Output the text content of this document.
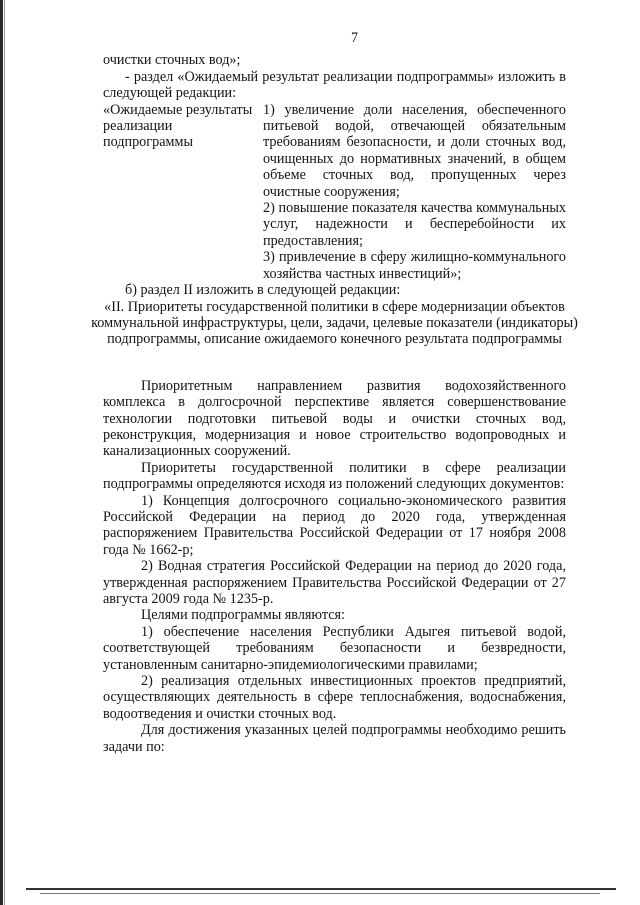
7

очистки сточных вод»;

- раздел «Ожидаемый результат реализации подпрограммы» изложить в следующей редакции:

«Ожидаемые результаты реализации подпрограммы

1) увеличение доли населения, обеспеченного питьевой водой, отвечающей обязательным требованиям безопасности, и доли сточных вод, очищенных до нормативных значений, в общем объеме сточных вод, пропущенных через очистные сооружения;

2) повышение показателя качества коммунальных услуг, надежности и бесперебойности их предоставления;

3) привлечение в сферу жилищно-коммунального хозяйства частных инвестиций»;

б) раздел II изложить в следующей редакции:

«II. Приоритеты государственной политики в сфере модернизации объектов коммунальной инфраструктуры, цели, задачи, целевые показатели (индикаторы) подпрограммы, описание ожидаемого конечного результата подпрограммы

Приоритетным направлением развития водохозяйственного комплекса в долгосрочной перспективе является совершенствование технологии подготовки питьевой воды и очистки сточных вод, реконструкция, модернизация и новое строительство водопроводных и канализационных сооружений.

Приоритеты государственной политики в сфере реализации подпрограммы определяются исходя из положений следующих документов:

1) Концепция долгосрочного социально-экономического развития Российской Федерации на период до 2020 года, утвержденная распоряжением Правительства Российской Федерации от 17 ноября 2008 года № 1662-р;

2) Водная стратегия Российской Федерации на период до 2020 года, утвержденная распоряжением Правительства Российской Федерации от 27 августа 2009 года № 1235-р.

Целями подпрограммы являются:

1) обеспечение населения Республики Адыгея питьевой водой, соответствующей требованиям безопасности и безвредности, установленным санитарно-эпидемиологическими правилами;

2) реализация отдельных инвестиционных проектов предприятий, осуществляющих деятельность в сфере теплоснабжения, водоснабжения, водоотведения и очистки сточных вод.

Для достижения указанных целей подпрограммы необходимо решить задачи по:
